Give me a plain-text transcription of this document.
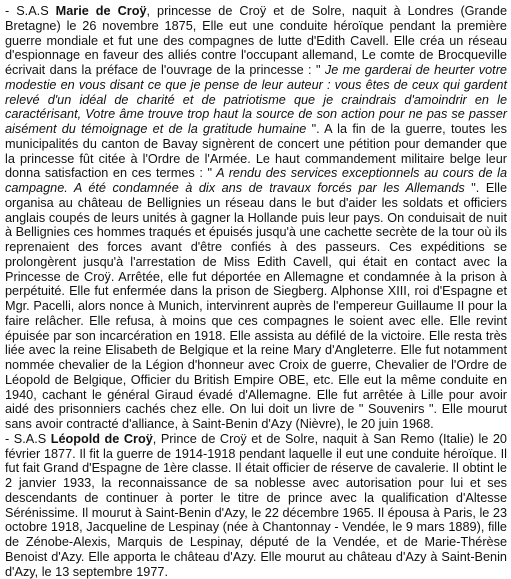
- S.A.S Marie de Croÿ, princesse de Croÿ et de Solre, naquit à Londres (Grande Bretagne) le 26 novembre 1875, Elle eut une conduite héroïque pendant la première guerre mondiale et fut une des compagnes de lutte d'Edith Cavell. Elle créa un réseau d'espionnage en faveur des alliés contre l'occupant allemand, Le comte de Brocqueville écrivait dans la préface de l'ouvrage de la princesse : " Je me garderai de heurter votre modestie en vous disant ce que je pense de leur auteur : vous êtes de ceux qui gardent relevé d'un idéal de charité et de patriotisme que je craindrais d'amoindrir en le caractérisant, Votre âme trouve trop haut la source de son action pour ne pas se passer aisément du témoignage et de la gratitude humaine ". A la fin de la guerre, toutes les municipalités du canton de Bavay signèrent de concert une pétition pour demander que la princesse fût citée à l'Ordre de l'Armée. Le haut commandement militaire belge leur donna satisfaction en ces termes : " A rendu des services exceptionnels au cours de la campagne. A été condamnée à dix ans de travaux forcés par les Allemands ". Elle organisa au château de Bellignies un réseau dans le but d'aider les soldats et officiers anglais coupés de leurs unités à gagner la Hollande puis leur pays. On conduisait de nuit à Bellignies ces hommes traqués et épuisés jusqu'à une cachette secrète de la tour où ils reprenaient des forces avant d'être confiés à des passeurs. Ces expéditions se prolongèrent jusqu'à l'arrestation de Miss Edith Cavell, qui était en contact avec la Princesse de Croÿ. Arrêtée, elle fut déportée en Allemagne et condamnée à la prison à perpétuité. Elle fut enfermée dans la prison de Siegberg. Alphonse XIII, roi d'Espagne et Mgr. Pacelli, alors nonce à Munich, intervinrent auprès de l'empereur Guillaume II pour la faire relâcher. Elle refusa, à moins que ces compagnes le soient avec elle. Elle revint épuisée par son incarcération en 1918. Elle assista au défilé de la victoire. Elle resta très liée avec la reine Elisabeth de Belgique et la reine Mary d'Angleterre. Elle fut notamment nommée chevalier de la Légion d'honneur avec Croix de guerre, Chevalier de l'Ordre de Léopold de Belgique, Officier du British Empire OBE, etc. Elle eut la même conduite en 1940, cachant le général Giraud évadé d'Allemagne. Elle fut arrêtée à Lille pour avoir aidé des prisonniers cachés chez elle. On lui doit un livre de " Souvenirs ". Elle mourut sans avoir contracté d'alliance, à Saint-Benin d'Azy (Nièvre), le 20 juin 1968.

- S.A.S Léopold de Croÿ, Prince de Croÿ et de Solre, naquit à San Remo (Italie) le 20 février 1877. Il fit la guerre de 1914-1918 pendant laquelle il eut une conduite héroïque. Il fut fait Grand d'Espagne de 1ère classe. Il était officier de réserve de cavalerie. Il obtint le 2 janvier 1933, la reconnaissance de sa noblesse avec autorisation pour lui et ses descendants de continuer à porter le titre de prince avec la qualification d'Altesse Sérénissime. Il mourut à Saint-Benin d'Azy, le 22 décembre 1965. Il épousa à Paris, le 23 octobre 1918, Jacqueline de Lespinay (née à Chantonnay - Vendée, le 9 mars 1889), fille de Zénobe-Alexis, Marquis de Lespinay, député de la Vendée, et de Marie-Thérèse Benoist d'Azy. Elle apporta le château d'Azy. Elle mourut au château d'Azy à Saint-Benin d'Azy, le 13 septembre 1977.
